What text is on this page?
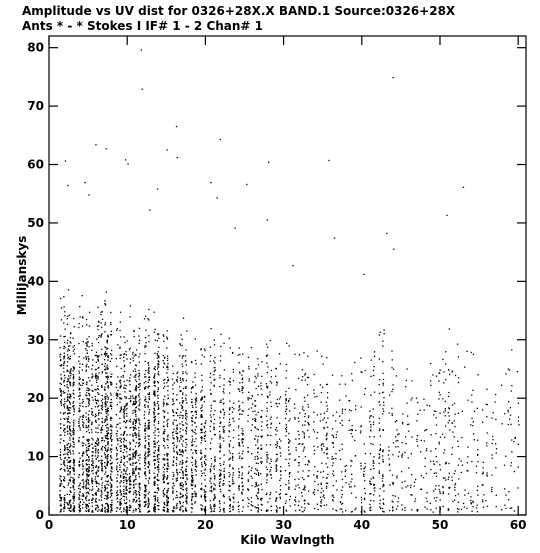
Amplitude vs UV dist for 0326+28X.X BAND.1 Source:0326+28X
Ants * - * Stokes I IF# 1 - 2 Chan# 1
0	10	20	30	40	50	60
0
10
20
30
40
50
60
70
80
Kilo Wavlngth
MilliJanskys
